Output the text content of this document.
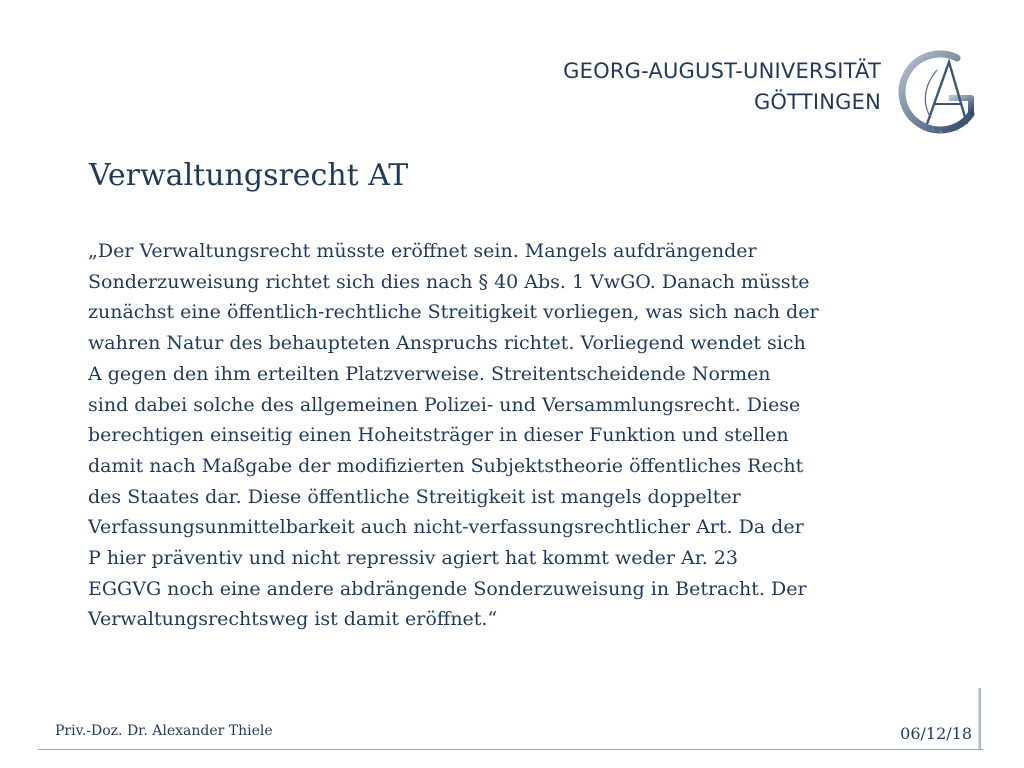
GEORG-AUGUST-UNIVERSITÄT
GÖTTINGEN
Verwaltungsrecht AT
„Der Verwaltungsrecht müsste eröffnet sein. Mangels aufdrängender
Sonderzuweisung richtet sich dies nach § 40 Abs. 1 VwGO. Danach müsste
zunächst eine öffentlich-rechtliche Streitigkeit vorliegen, was sich nach der
wahren Natur des behaupteten Anspruchs richtet. Vorliegend wendet sich
A gegen den ihm erteilten Platzverweise. Streitentscheidende Normen
sind dabei solche des allgemeinen Polizei- und Versammlungsrecht. Diese
berechtigen einseitig einen Hoheitsträger in dieser Funktion und stellen
damit nach Maßgabe der modifizierten Subjektstheorie öffentliches Recht
des Staates dar. Diese öffentliche Streitigkeit ist mangels doppelter
Verfassungsunmittelbarkeit auch nicht-verfassungsrechtlicher Art. Da der
P hier präventiv und nicht repressiv agiert hat kommt weder Ar. 23
EGGVG noch eine andere abdrängende Sonderzuweisung in Betracht. Der
Verwaltungsrechtsweg ist damit eröffnet.“
Priv.-Doz. Dr. Alexander Thiele	06/12/18
